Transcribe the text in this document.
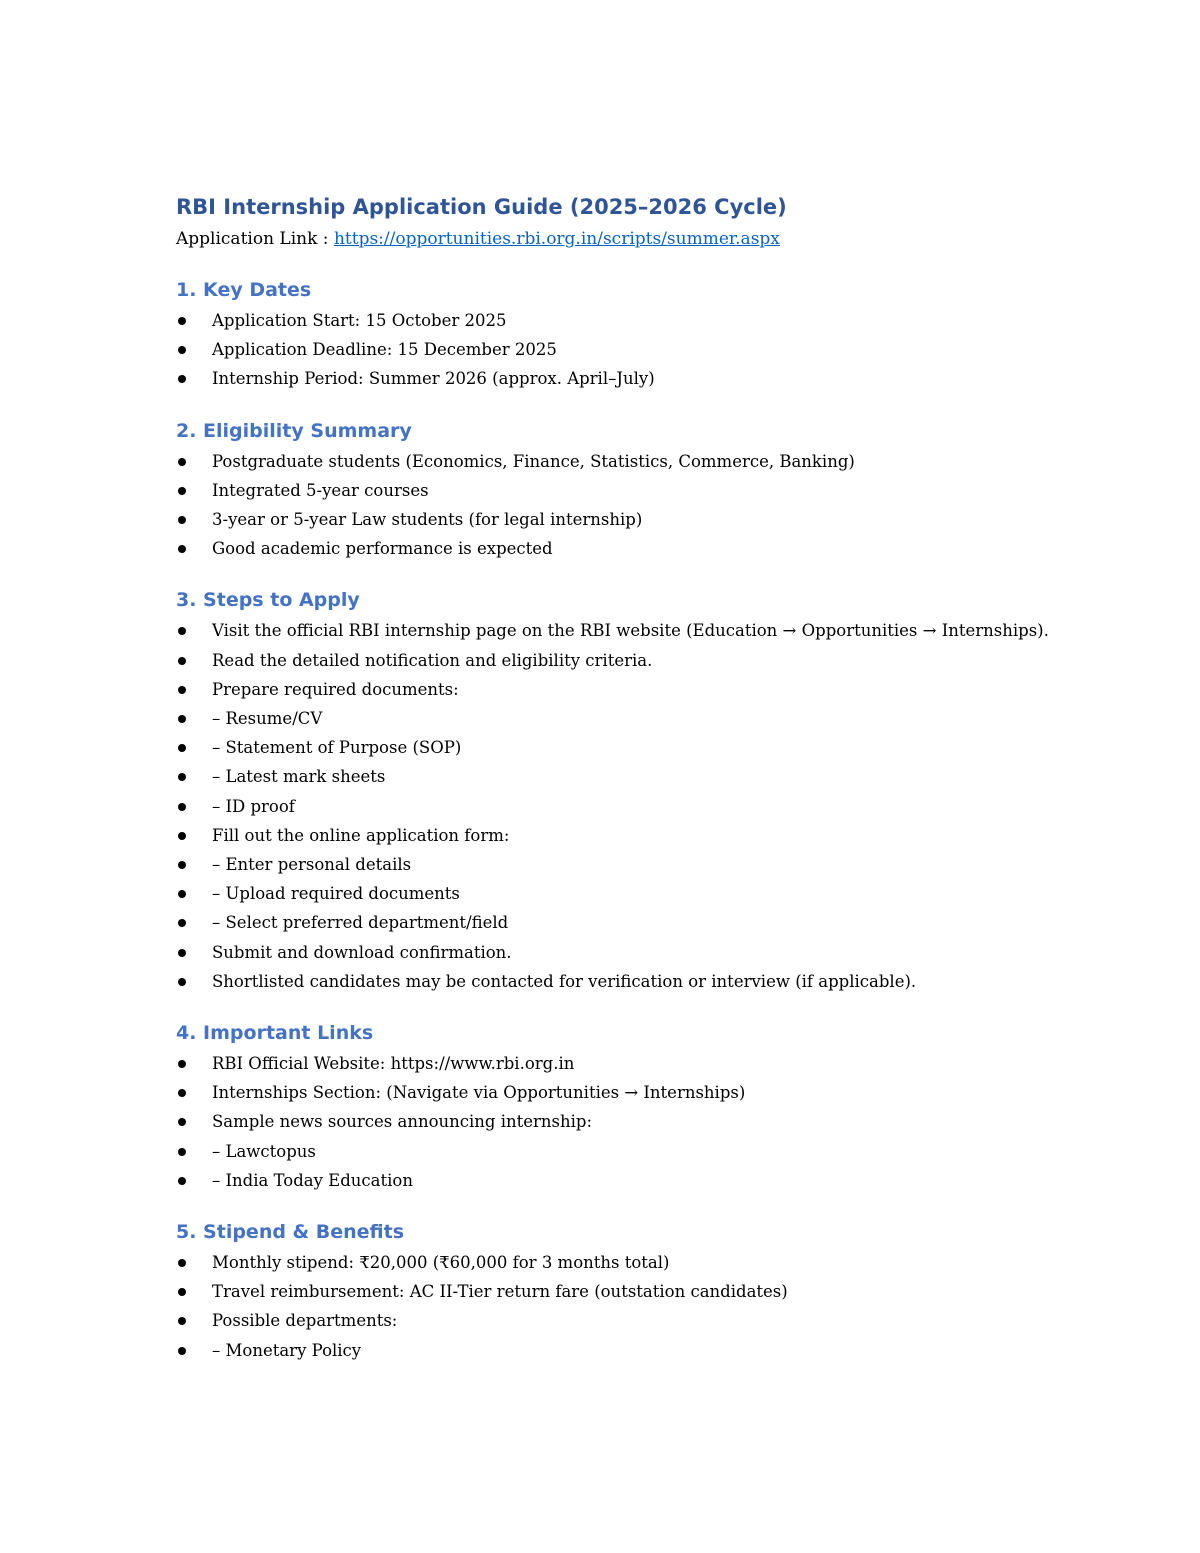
RBI Internship Application Guide (2025–2026 Cycle)

Application Link : https://opportunities.rbi.org.in/scripts/summer.aspx

1. Key Dates
Application Start: 15 October 2025
Application Deadline: 15 December 2025
Internship Period: Summer 2026 (approx. April–July)
2. Eligibility Summary
Postgraduate students (Economics, Finance, Statistics, Commerce, Banking)
Integrated 5-year courses
3-year or 5-year Law students (for legal internship)
Good academic performance is expected
3. Steps to Apply
Visit the official RBI internship page on the RBI website (Education → Opportunities → Internships).
Read the detailed notification and eligibility criteria.
Prepare required documents:
– Resume/CV
– Statement of Purpose (SOP)
– Latest mark sheets
– ID proof
Fill out the online application form:
– Enter personal details
– Upload required documents
– Select preferred department/field
Submit and download confirmation.
Shortlisted candidates may be contacted for verification or interview (if applicable).
4. Important Links
RBI Official Website: https://www.rbi.org.in
Internships Section: (Navigate via Opportunities → Internships)
Sample news sources announcing internship:
– Lawctopus
– India Today Education
5. Stipend & Benefits
Monthly stipend: ₹20,000 (₹60,000 for 3 months total)
Travel reimbursement: AC II-Tier return fare (outstation candidates)
Possible departments:
– Monetary Policy
